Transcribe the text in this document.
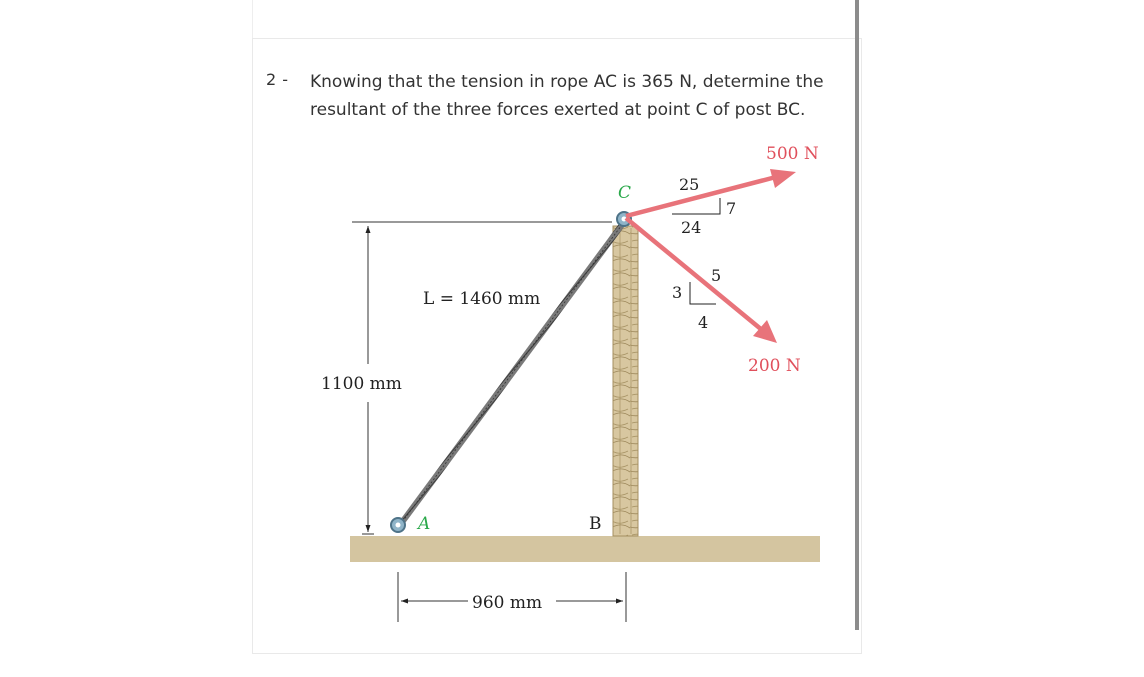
2 - Knowing that the tension in rope AC is 365 N, determine the resultant of the three forces exerted at point C of post BC.
C
A	B
500 N
200 N
25
24
7
5
3
4
L = 1460 mm
1100 mm
960 mm
